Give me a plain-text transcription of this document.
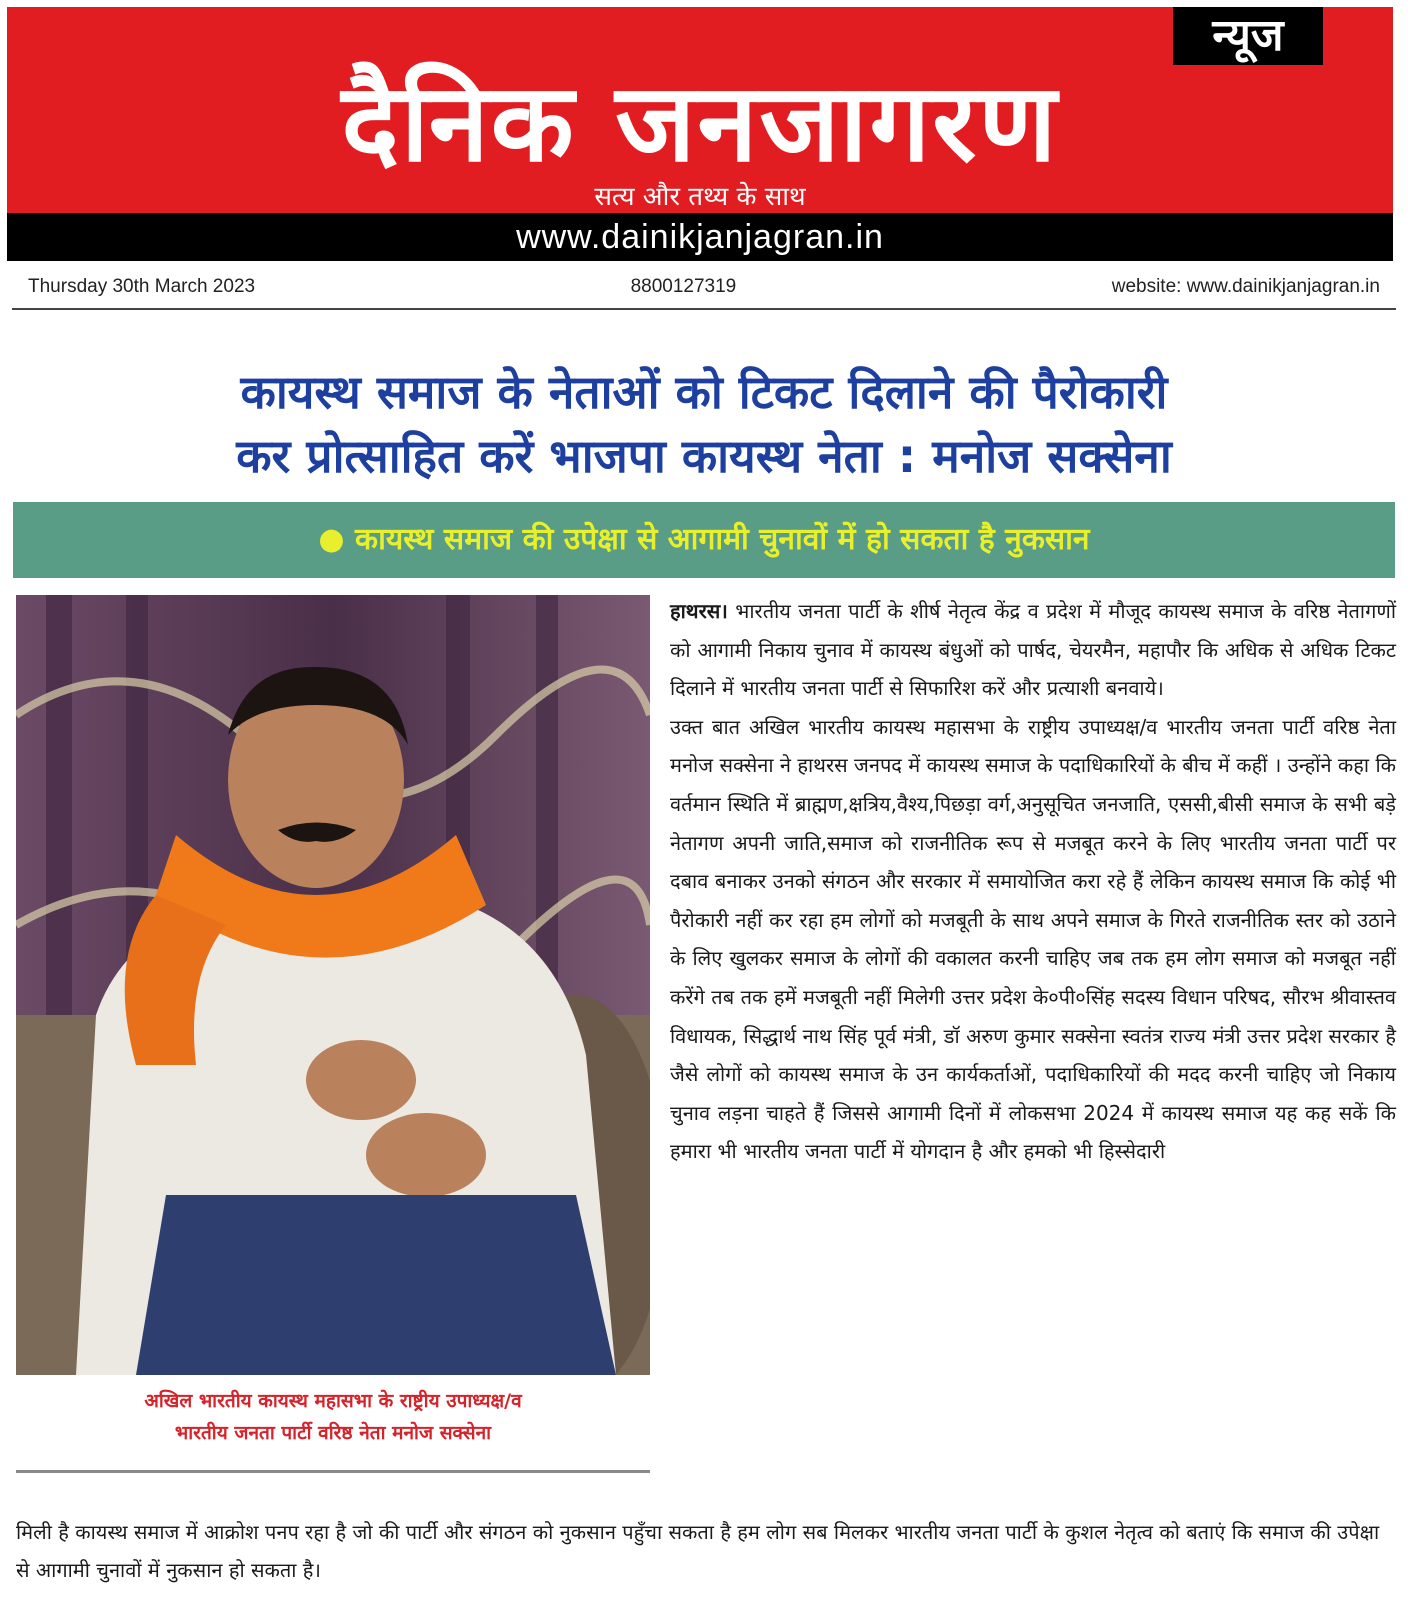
न्यूज
दैनिक जनजागरण
सत्य और तथ्य के साथ
www.dainikjanjagran.in
Thursday 30th March 2023	8800127319	website: www.dainikjanjagran.in
कायस्थ समाज के नेताओं को टिकट दिलाने की पैरोकारी
कर प्रोत्साहित करें भाजपा कायस्थ नेता : मनोज सक्सेना
● कायस्थ समाज की उपेक्षा से आगामी चुनावों में हो सकता है नुकसान
अखिल भारतीय कायस्थ महासभा के राष्ट्रीय उपाध्यक्ष/व
भारतीय जनता पार्टी वरिष्ठ नेता मनोज सक्सेना

हाथरस। भारतीय जनता पार्टी के शीर्ष नेतृत्व केंद्र व प्रदेश में मौजूद कायस्थ समाज के वरिष्ठ नेतागणों को आगामी निकाय चुनाव में कायस्थ बंधुओं को पार्षद, चेयरमैन, महापौर कि अधिक से अधिक टिकट दिलाने में भारतीय जनता पार्टी से सिफारिश करें और प्रत्याशी बनवाये।

उक्त बात अखिल भारतीय कायस्थ महासभा के राष्ट्रीय उपाध्यक्ष/व भारतीय जनता पार्टी वरिष्ठ नेता मनोज सक्सेना ने हाथरस जनपद में कायस्थ समाज के पदाधिकारियों के बीच में कहीं । उन्होंने कहा कि वर्तमान स्थिति में ब्राह्मण,क्षत्रिय,वैश्य,पिछड़ा वर्ग,अनुसूचित जनजाति, एससी,बीसी समाज के सभी बड़े नेतागण अपनी जाति,समाज को राजनीतिक रूप से मजबूत करने के लिए भारतीय जनता पार्टी पर दबाव बनाकर उनको संगठन और सरकार में समायोजित करा रहे हैं लेकिन कायस्थ समाज कि कोई भी पैरोकारी नहीं कर रहा हम लोगों को मजबूती के साथ अपने समाज के गिरते राजनीतिक स्तर को उठाने के लिए खुलकर समाज के लोगों की वकालत करनी चाहिए जब तक हम लोग समाज को मजबूत नहीं करेंगे तब तक हमें मजबूती नहीं मिलेगी उत्तर प्रदेश के०पी०सिंह सदस्य विधान परिषद, सौरभ श्रीवास्तव विधायक, सिद्धार्थ नाथ सिंह पूर्व मंत्री, डॉ अरुण कुमार सक्सेना स्वतंत्र राज्य मंत्री उत्तर प्रदेश सरकार है जैसे लोगों को कायस्थ समाज के उन कार्यकर्ताओं, पदाधिकारियों की मदद करनी चाहिए जो निकाय चुनाव लड़ना चाहते हैं जिससे आगामी दिनों में लोकसभा 2024 में कायस्थ समाज यह कह सकें कि हमारा भी भारतीय जनता पार्टी में योगदान है और हमको भी हिस्सेदारी

मिली है कायस्थ समाज में आक्रोश पनप रहा है जो की पार्टी और संगठन को नुकसान पहुँचा सकता है हम लोग सब मिलकर भारतीय जनता पार्टी के कुशल नेतृत्व को बताएं कि समाज की उपेक्षा से आगामी चुनावों में नुकसान हो सकता है।
